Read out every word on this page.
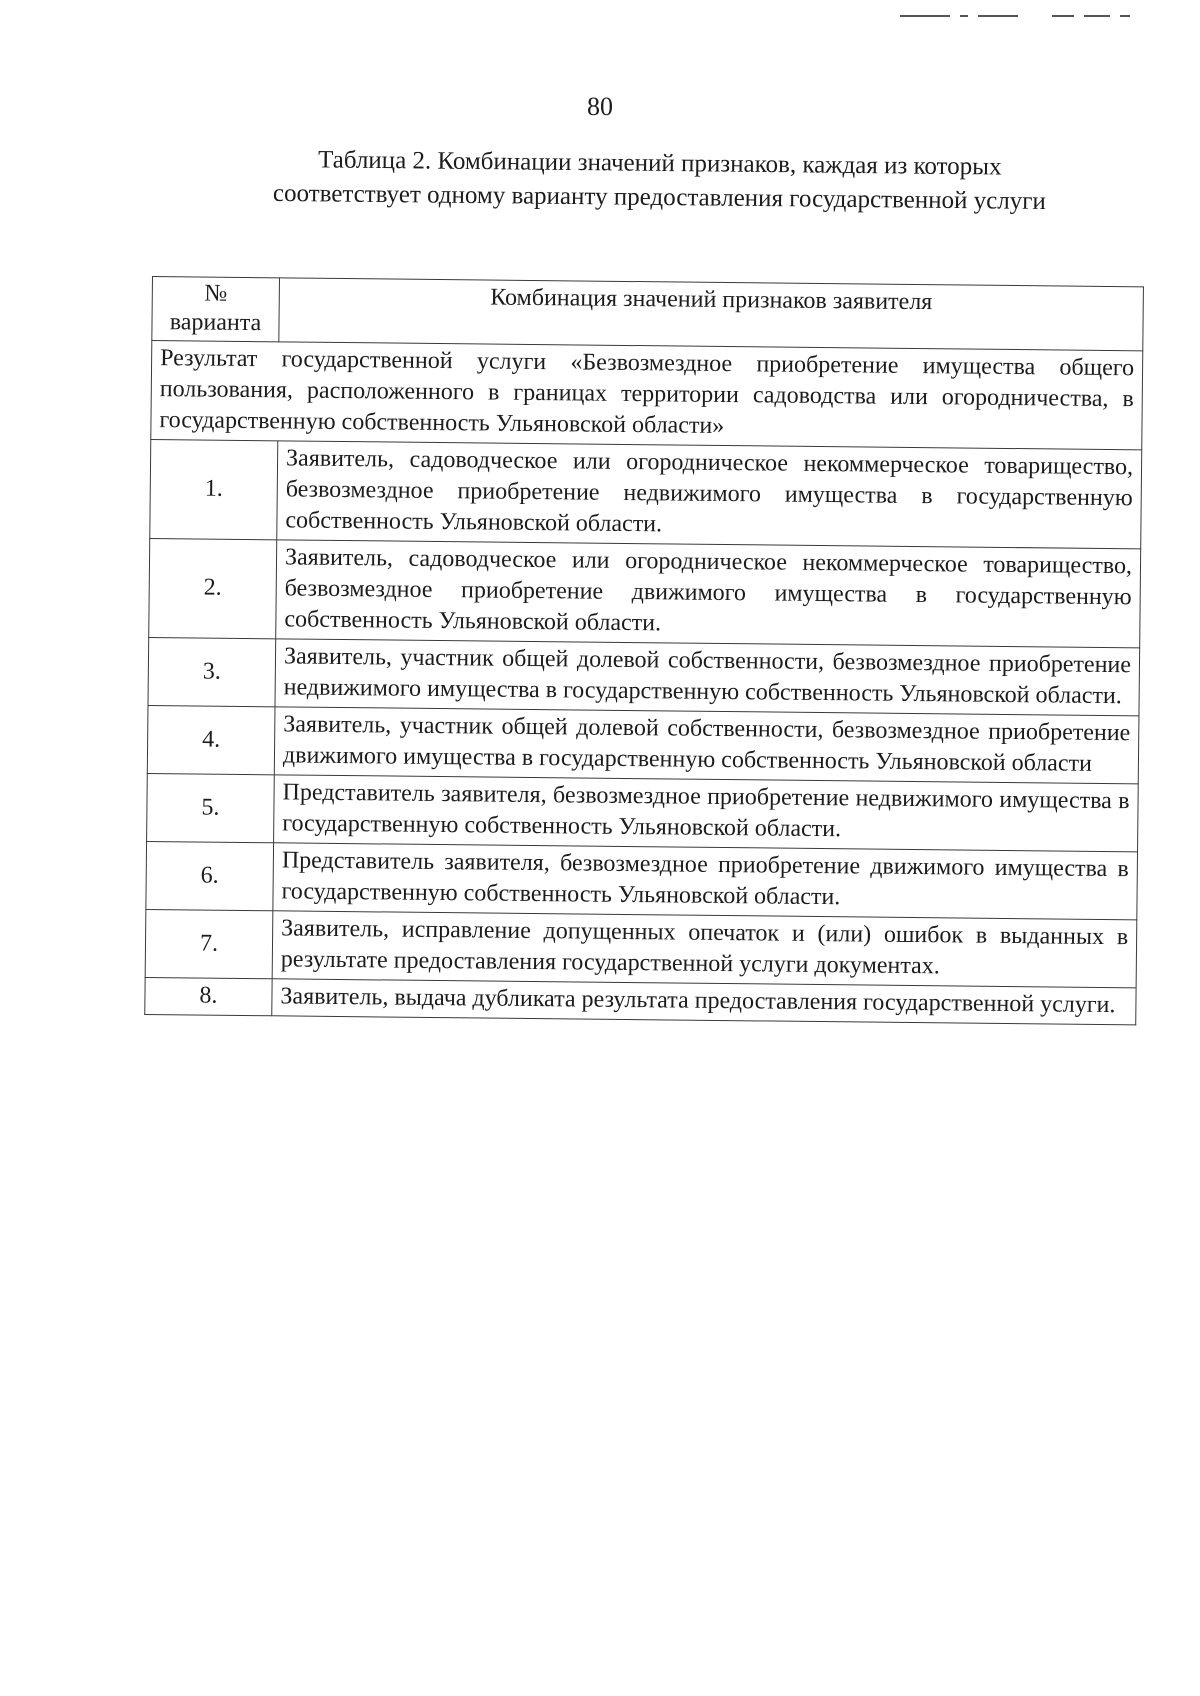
80
Таблица 2. Комбинации значений признаков, каждая из которых
соответствует одному варианту предоставления государственной услуги
№
варианта	Комбинация значений признаков заявителя
Результат государственной услуги «Безвозмездное приобретение имущества общего пользования, расположенного в границах территории садоводства или огородничества, в государственную собственность Ульяновской области»	
1.	Заявитель, садоводческое или огородническое некоммерческое товарищество, безвозмездное приобретение недвижимого имущества в государственную собственность Ульяновской области.
2.	Заявитель, садоводческое или огородническое некоммерческое товарищество, безвозмездное приобретение движимого имущества в государственную собственность Ульяновской области.
3.	Заявитель, участник общей долевой собственности, безвозмездное приобретение недвижимого имущества в государственную собственность Ульяновской области.
4.	Заявитель, участник общей долевой собственности, безвозмездное приобретение движимого имущества в государственную собственность Ульяновской области
5.	Представитель заявителя, безвозмездное приобретение недвижимого имущества в государственную собственность Ульяновской области.
6.	Представитель заявителя, безвозмездное приобретение движимого имущества в государственную собственность Ульяновской области.
7.	Заявитель, исправление допущенных опечаток и (или) ошибок в выданных в результате предоставления государственной услуги документах.
8.	Заявитель, выдача дубликата результата предоставления государственной услуги.
